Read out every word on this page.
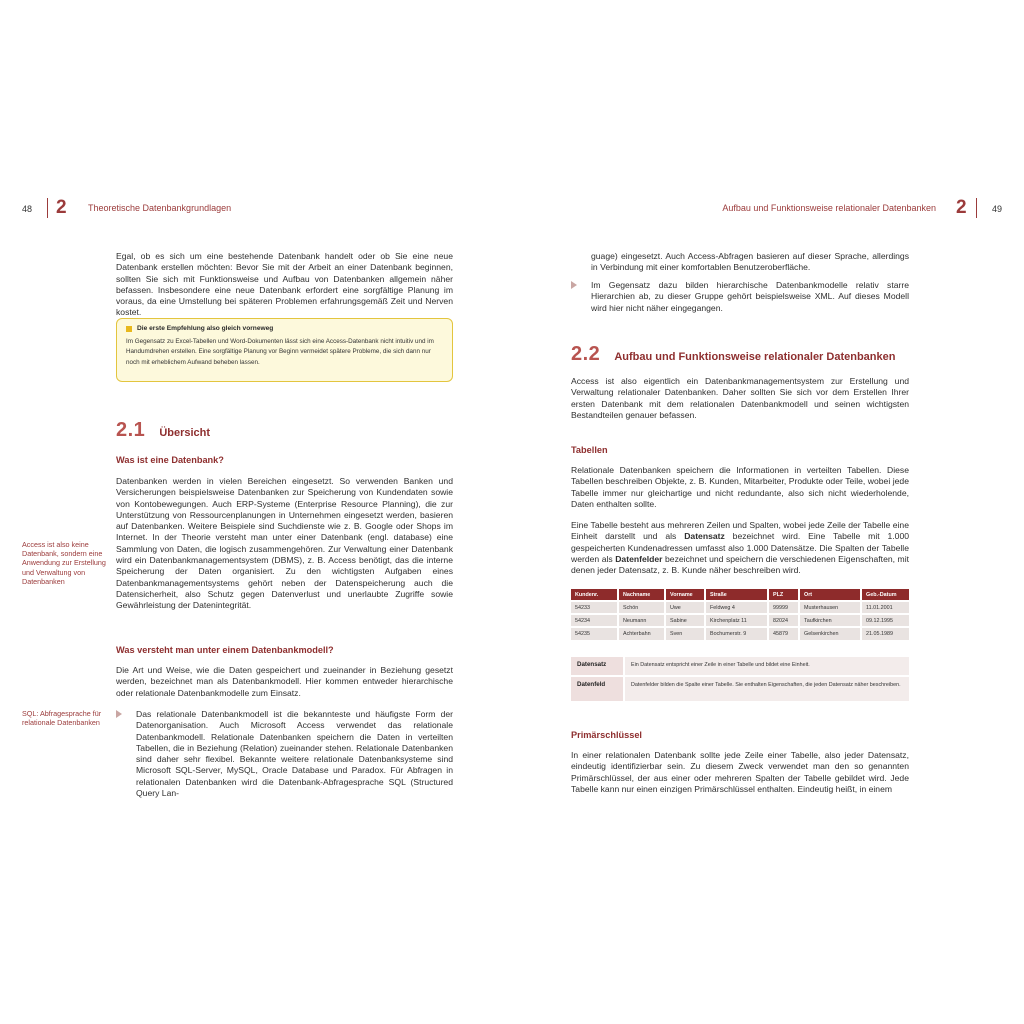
48 2 Theoretische Datenbankgrundlagen

Egal, ob es sich um eine bestehende Datenbank handelt oder ob Sie eine neue Datenbank erstellen möchten: Bevor Sie mit der Arbeit an einer Datenbank beginnen, sollten Sie sich mit Funktionsweise und Aufbau von Datenbanken allgemein näher befassen. Insbesondere eine neue Datenbank erfordert eine sorgfältige Planung im voraus, da eine Umstellung bei späteren Problemen erfahrungsgemäß Zeit und Nerven kostet.

Die erste Empfehlung also gleich vorneweg
Im Gegensatz zu Excel-Tabellen und Word-Dokumenten lässt sich eine Access-Datenbank nicht intuitiv und im Handumdrehen erstellen. Eine sorgfältige Planung vor Beginn vermeidet spätere Probleme, die sich dann nur noch mit erheblichem Aufwand beheben lassen.
2.1 Übersicht
Was ist eine Datenbank?

Datenbanken werden in vielen Bereichen eingesetzt. So verwenden Banken und Versicherungen beispielsweise Datenbanken zur Speicherung von Kundendaten sowie von Kontobewegungen. Auch ERP-Systeme (Enterprise Resource Planning), die zur Unterstützung von Ressourcenplanungen in Unternehmen eingesetzt werden, basieren auf Datenbanken. Weitere Beispiele sind Suchdienste wie z. B. Google oder Shops im Internet. In der Theorie versteht man unter einer Datenbank (engl. database) eine Sammlung von Daten, die logisch zusammengehören. Zur Verwaltung einer Datenbank wird ein Datenbankmanagementsystem (DBMS), z. B. Access benötigt, das die interne Speicherung der Daten organisiert. Zu den wichtigsten Aufgaben eines Datenbankmanagementsystems gehört neben der Datenspeicherung auch die Datensicherheit, also Schutz gegen Datenverlust und unerlaubte Zugriffe sowie Gewährleistung der Datenintegrität.

Access ist also keine Datenbank, sondern eine Anwendung zur Erstellung und Verwaltung von Datenbanken

Was versteht man unter einem Datenbankmodell?

Die Art und Weise, wie die Daten gespeichert und zueinander in Beziehung gesetzt werden, bezeichnet man als Datenbankmodell. Hier kommen entweder hierarchische oder relationale Datenbankmodelle zum Einsatz.

SQL: Abfragesprache für relationale Datenbanken

Das relationale Datenbankmodell ist die bekannteste und häufigste Form der Datenorganisation. Auch Microsoft Access verwendet das relationale Datenbankmodell. Relationale Datenbanken speichern die Daten in verteilten Tabellen, die in Beziehung (Relation) zueinander stehen. Relationale Datenbanken sind daher sehr flexibel. Bekannte weitere relationale Datenbanksysteme sind Microsoft SQL-Server, MySQL, Oracle Database und Paradox. Für Abfragen in relationalen Datenbanken wird die Datenbank-Abfragesprache SQL (Structured Query Lan-

Aufbau und Funktionsweise relationaler Datenbanken 2	49

guage) eingesetzt. Auch Access-Abfragen basieren auf dieser Sprache, allerdings in Verbindung mit einer komfortablen Benutzeroberfläche.

Im Gegensatz dazu bilden hierarchische Datenbankmodelle relativ starre Hierarchien ab, zu dieser Gruppe gehört beispielsweise XML. Auf dieses Modell wird hier nicht näher eingegangen.

2.2 Aufbau und Funktionsweise relationaler Datenbanken

Access ist also eigentlich ein Datenbankmanagementsystem zur Erstellung und Verwaltung relationaler Datenbanken. Daher sollten Sie sich vor dem Erstellen Ihrer ersten Datenbank mit dem relationalen Datenbankmodell und seinen wichtigsten Bestandteilen genauer befassen.

Tabellen

Relationale Datenbanken speichern die Informationen in verteilten Tabellen. Diese Tabellen beschreiben Objekte, z. B. Kunden, Mitarbeiter, Produkte oder Teile, wobei jede Tabelle immer nur gleichartige und nicht redundante, also sich nicht wiederholende, Daten enthalten sollte.

Eine Tabelle besteht aus mehreren Zeilen und Spalten, wobei jede Zeile der Tabelle eine Einheit darstellt und als Datensatz bezeichnet wird. Eine Tabelle mit 1.000 gespeicherten Kundenadressen umfasst also 1.000 Datensätze. Die Spalten der Tabelle werden als Datenfelder bezeichnet und speichern die verschiedenen Eigenschaften, mit denen jeder Datensatz, z. B. Kunde näher beschreiben wird.

Kundenr.	Nachname	Vorname	Straße	PLZ	Ort	Geb.-Datum
54233	Schön	Uwe	Feldweg 4	99999	Musterhausen	11.01.2001
54234	Neumann	Sabine	Kirchenplatz 11	82024	Taufkirchen	09.12.1995
54235	Achterbahn	Sven	Bochumerstr. 9	45879	Gelsenkirchen	21.05.1989
Datensatz	Ein Datensatz entspricht einer Zeile in einer Tabelle und bildet eine Einheit.
Datenfeld	Datenfelder bilden die Spalte einer Tabelle. Sie enthalten Eigenschaften, die jeden Datensatz näher beschreiben.
Primärschlüssel

In einer relationalen Datenbank sollte jede Zeile einer Tabelle, also jeder Datensatz, eindeutig identifizierbar sein. Zu diesem Zweck verwendet man den so genannten Primärschlüssel, der aus einer oder mehreren Spalten der Tabelle gebildet wird. Jede Tabelle kann nur einen einzigen Primärschlüssel enthalten. Eindeutig heißt, in einem
